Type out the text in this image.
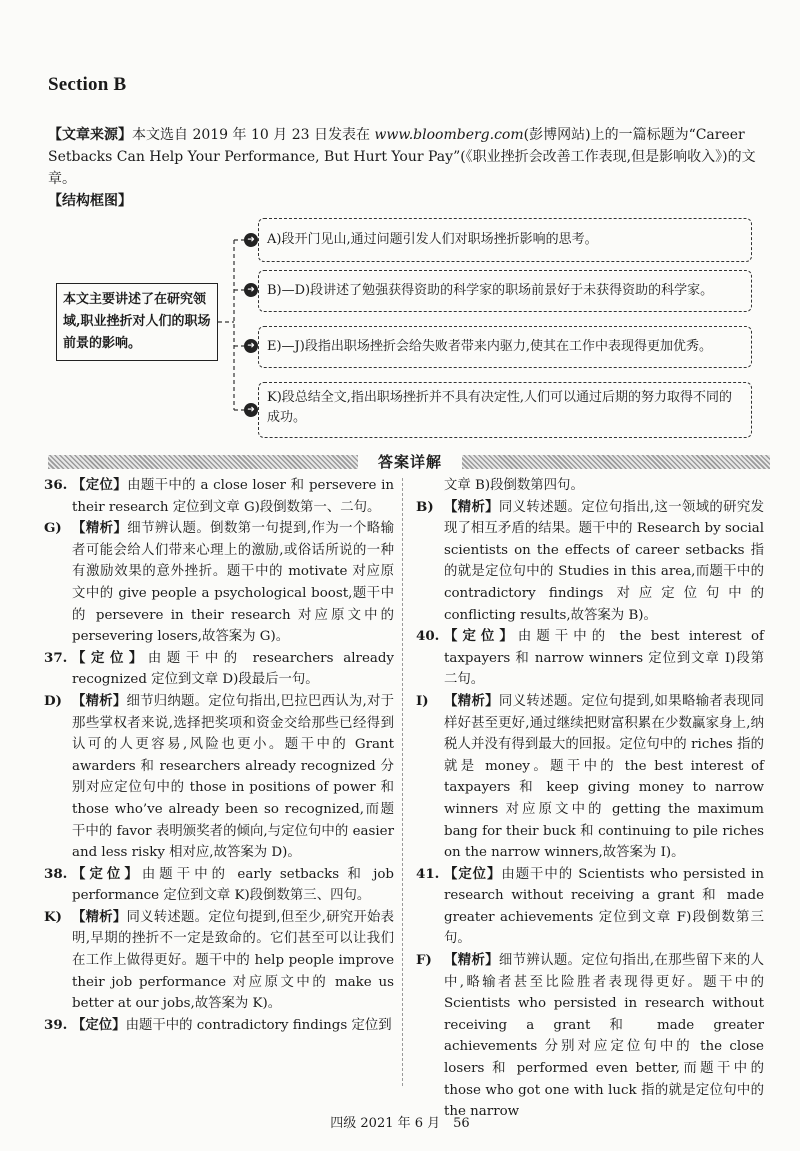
Section B
【文章来源】本文选自 2019 年 10 月 23 日发表在 www.bloomberg.com(彭博网站)上的一篇标题为“Career Setbacks Can Help Your Performance, But Hurt Your Pay”(《职业挫折会改善工作表现,但是影响收入》)的文章。
【结构框图】
本文主要讲述了在研究领域,职业挫折对人们的职场前景的影响。
➜
➜
➜
➜
A)段开门见山,通过问题引发人们对职场挫折影响的思考。
B)—D)段讲述了勉强获得资助的科学家的职场前景好于未获得资助的科学家。
E)—J)段指出职场挫折会给失败者带来内驱力,使其在工作中表现得更加优秀。
K)段总结全文,指出职场挫折并不具有决定性,人们可以通过后期的努力取得不同的成功。
答案详解
36. 【定位】由题干中的 a close loser 和 persevere in their research 定位到文章 G)段倒数第一、二句。
G) 【精析】细节辨认题。倒数第一句提到,作为一个略输者可能会给人们带来心理上的激励,或俗话所说的一种有激励效果的意外挫折。题干中的 motivate 对应原文中的 give people a psychological boost,题干中的 persevere in their research 对应原文中的 persevering losers,故答案为 G)。
37. 【定位】由题干中的 researchers already recognized 定位到文章 D)段最后一句。
D) 【精析】细节归纳题。定位句指出,巴拉巴西认为,对于那些掌权者来说,选择把奖项和资金交给那些已经得到认可的人更容易,风险也更小。题干中的 Grant awarders 和 researchers already recognized 分别对应定位句中的 those in positions of power 和 those who’ve already been so recognized,而题干中的 favor 表明颁奖者的倾向,与定位句中的 easier and less risky 相对应,故答案为 D)。
38. 【定位】由题干中的 early setbacks 和 job performance 定位到文章 K)段倒数第三、四句。
K) 【精析】同义转述题。定位句提到,但至少,研究开始表明,早期的挫折不一定是致命的。它们甚至可以让我们在工作上做得更好。题干中的 help people improve their job performance 对应原文中的 make us better at our jobs,故答案为 K)。
39. 【定位】由题干中的 contradictory findings 定位到
文章 B)段倒数第四句。
B) 【精析】同义转述题。定位句指出,这一领域的研究发现了相互矛盾的结果。题干中的 Research by social scientists on the effects of career setbacks 指的就是定位句中的 Studies in this area,而题干中的 contradictory findings 对应定位句中的 conflicting results,故答案为 B)。
40. 【定位】由题干中的 the best interest of taxpayers 和 narrow winners 定位到文章 I)段第二句。
I)	【精析】同义转述题。定位句提到,如果略输者表现同样好甚至更好,通过继续把财富积累在少数赢家身上,纳税人并没有得到最大的回报。定位句中的 riches 指的就是 money。题干中的 the best interest of taxpayers 和 keep giving money to narrow winners 对应原文中的 getting the maximum bang for their buck 和 continuing to pile riches on the narrow winners,故答案为 I)。
41. 【定位】由题干中的 Scientists who persisted in research without receiving a grant 和 made greater achievements 定位到文章 F)段倒数第三句。
F) 【精析】细节辨认题。定位句指出,在那些留下来的人中,略输者甚至比险胜者表现得更好。题干中的 Scientists who persisted in research without receiving a grant 和 made greater achievements 分别对应定位句中的 the close losers 和 performed even better,而题干中的 those who got one with luck 指的就是定位句中的 the narrow
四级 2021 年 6 月　56
